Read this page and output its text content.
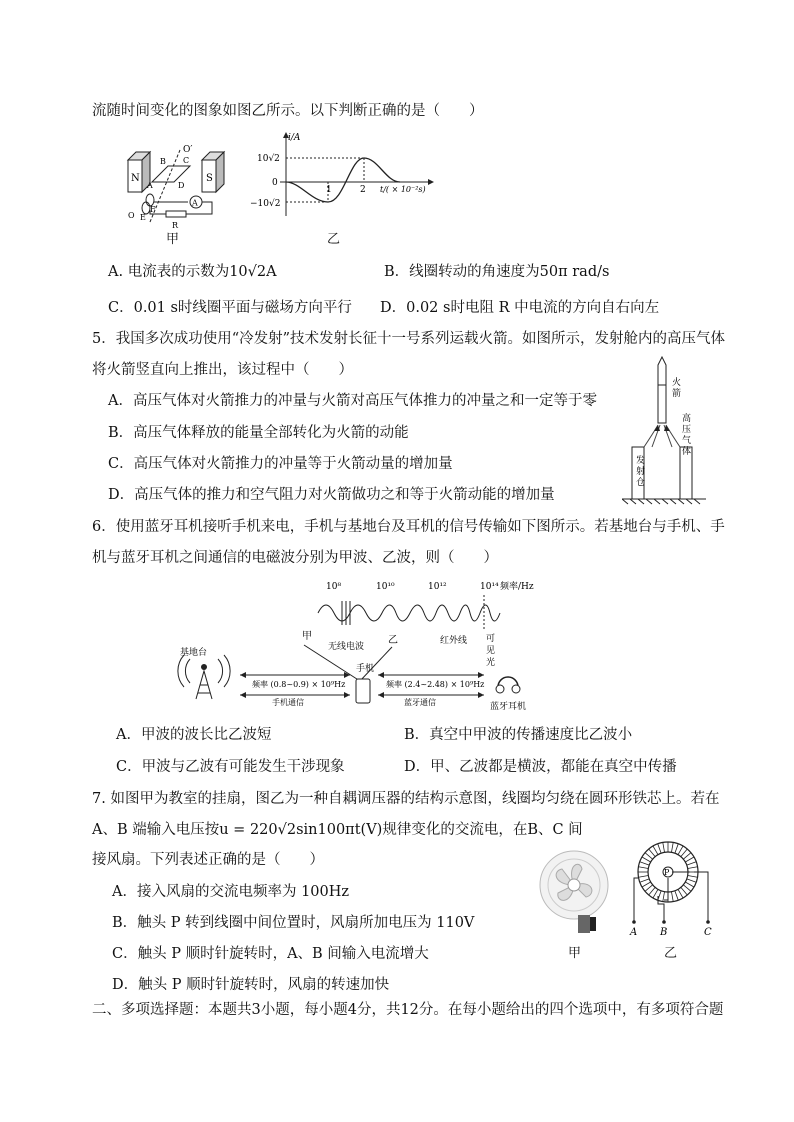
流随时间变化的图象如图乙所示。以下判断正确的是（　　）
N	S
O′
B C
A	D
E
F
O
A
R
甲
i/A
10√2
0
−10√2
1	2 t/( × 10⁻²s)
乙
A. 电流表的示数为10√2A	B．线圈转动的角速度为50π rad/s
C．0.01 s时线圈平面与磁场方向平行 D．0.02 s时电阻 R 中电流的方向自右向左
5．我国多次成功使用“冷发射”技术发射长征十一号系列运载火箭。如图所示，发射舱内的高压气体
将火箭竖直向上推出，该过程中（　　）
A．高压气体对火箭推力的冲量与火箭对高压气体推力的冲量之和一定等于零
B．高压气体释放的能量全部转化为火箭的动能
C．高压气体对火箭推力的冲量等于火箭动量的增加量
D．高压气体的推力和空气阻力对火箭做功之和等于火箭动能的增加量
火
箭
高
压
气
体
发
射
仓
6．使用蓝牙耳机接听手机来电，手机与基地台及耳机的信号传输如下图所示。若基地台与手机、手
机与蓝牙耳机之间通信的电磁波分别为甲波、乙波，则（　　）
10⁸	10¹⁰	10¹²	10¹⁴ 频率/Hz
甲	乙
无线电波
红外线 可
见
光
基地台
手机
频率 (0.8~0.9) × 10⁹Hz
手机通信
频率 (2.4~2.48) × 10⁹Hz
蓝牙通信	蓝牙耳机
A．甲波的波长比乙波短	B．真空中甲波的传播速度比乙波小
C．甲波与乙波有可能发生干涉现象	D．甲、乙波都是横波，都能在真空中传播
7. 如图甲为教室的挂扇，图乙为一种自耦调压器的结构示意图，线圈均匀绕在圆环形铁芯上。若在
A、B 端输入电压按u = 220√2sin100πt(V)规律变化的交流电，在B、C 间
接风扇。下列表述正确的是（　　）
A．接入风扇的交流电频率为 100Hz
B．触头 P 转到线圈中间位置时，风扇所加电压为 110V
C．触头 P 顺时针旋转时，A、B 间输入电流增大
D．触头 P 顺时针旋转时，风扇的转速加快
甲
P
A B	C
乙
二、多项选择题：本题共3小题，每小题4分，共12分。在每小题给出的四个选项中，有多项符合题
